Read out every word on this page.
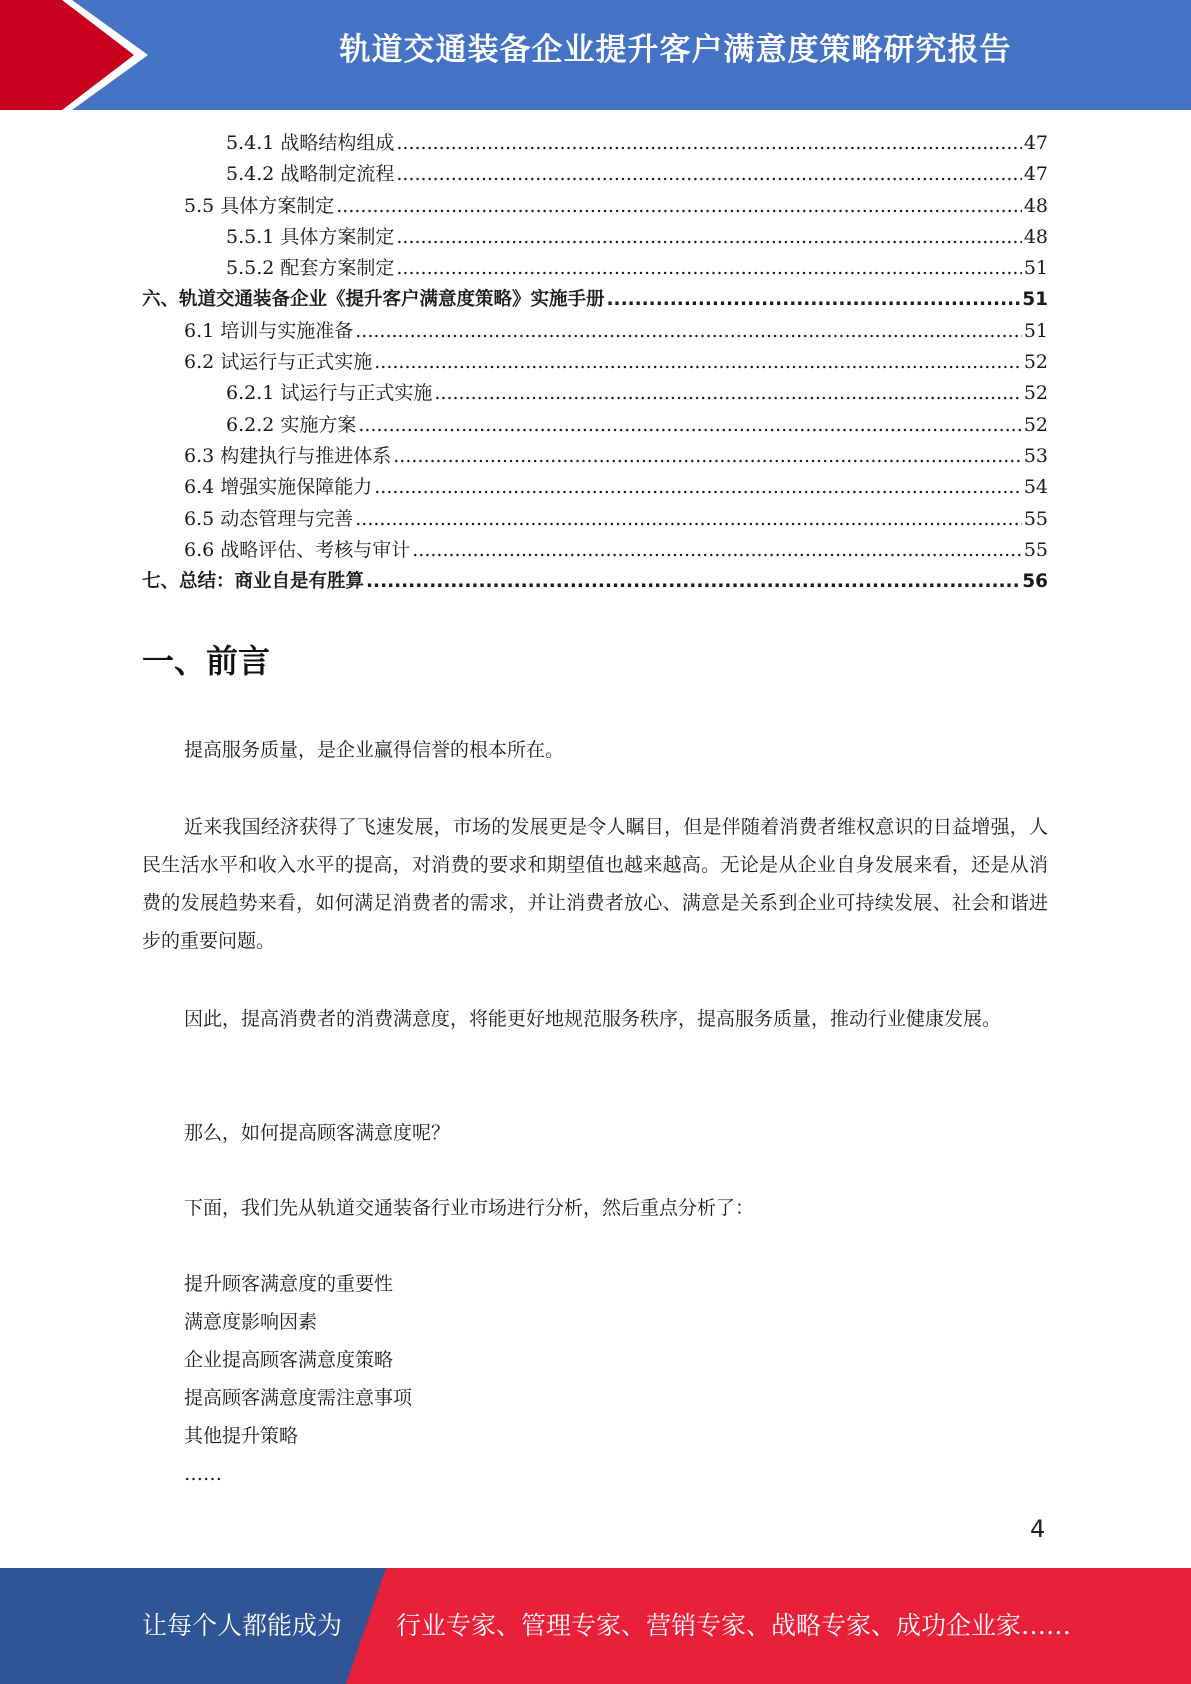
轨道交通装备企业提升客户满意度策略研究报告
5.4.1 战略结构组成 .....	47
5.4.2 战略制定流程 .....	47
5.5 具体方案制定 .....	48
5.5.1 具体方案制定 .....	48
5.5.2 配套方案制定 .....	51
六、轨道交通装备企业《提升客户满意度策略》实施手册 .....	51
6.1 培训与实施准备 .....	51
6.2 试运行与正式实施 .....	52
6.2.1 试运行与正式实施 .....	52
6.2.2 实施方案 .....	52
6.3 构建执行与推进体系 .....	53
6.4 增强实施保障能力 .....	54
6.5 动态管理与完善 .....	55
6.6 战略评估、考核与审计 .....	55
七、总结：商业自是有胜算 .....	56
一、前言

提高服务质量，是企业赢得信誉的根本所在。

近来我国经济获得了飞速发展，市场的发展更是令人瞩目，但是伴随着消费者维权意识的日益增强，人民生活水平和收入水平的提高，对消费的要求和期望值也越来越高。无论是从企业自身发展来看，还是从消费的发展趋势来看，如何满足消费者的需求，并让消费者放心、满意是关系到企业可持续发展、社会和谐进步的重要问题。

因此，提高消费者的消费满意度，将能更好地规范服务秩序，提高服务质量，推动行业健康发展。

那么，如何提高顾客满意度呢？

下面，我们先从轨道交通装备行业市场进行分析，然后重点分析了：

提升顾客满意度的重要性
满意度影响因素
企业提高顾客满意度策略
提高顾客满意度需注意事项
其他提升策略
……
4
让每个人都能成为 行业专家、管理专家、营销专家、战略专家、成功企业家……
